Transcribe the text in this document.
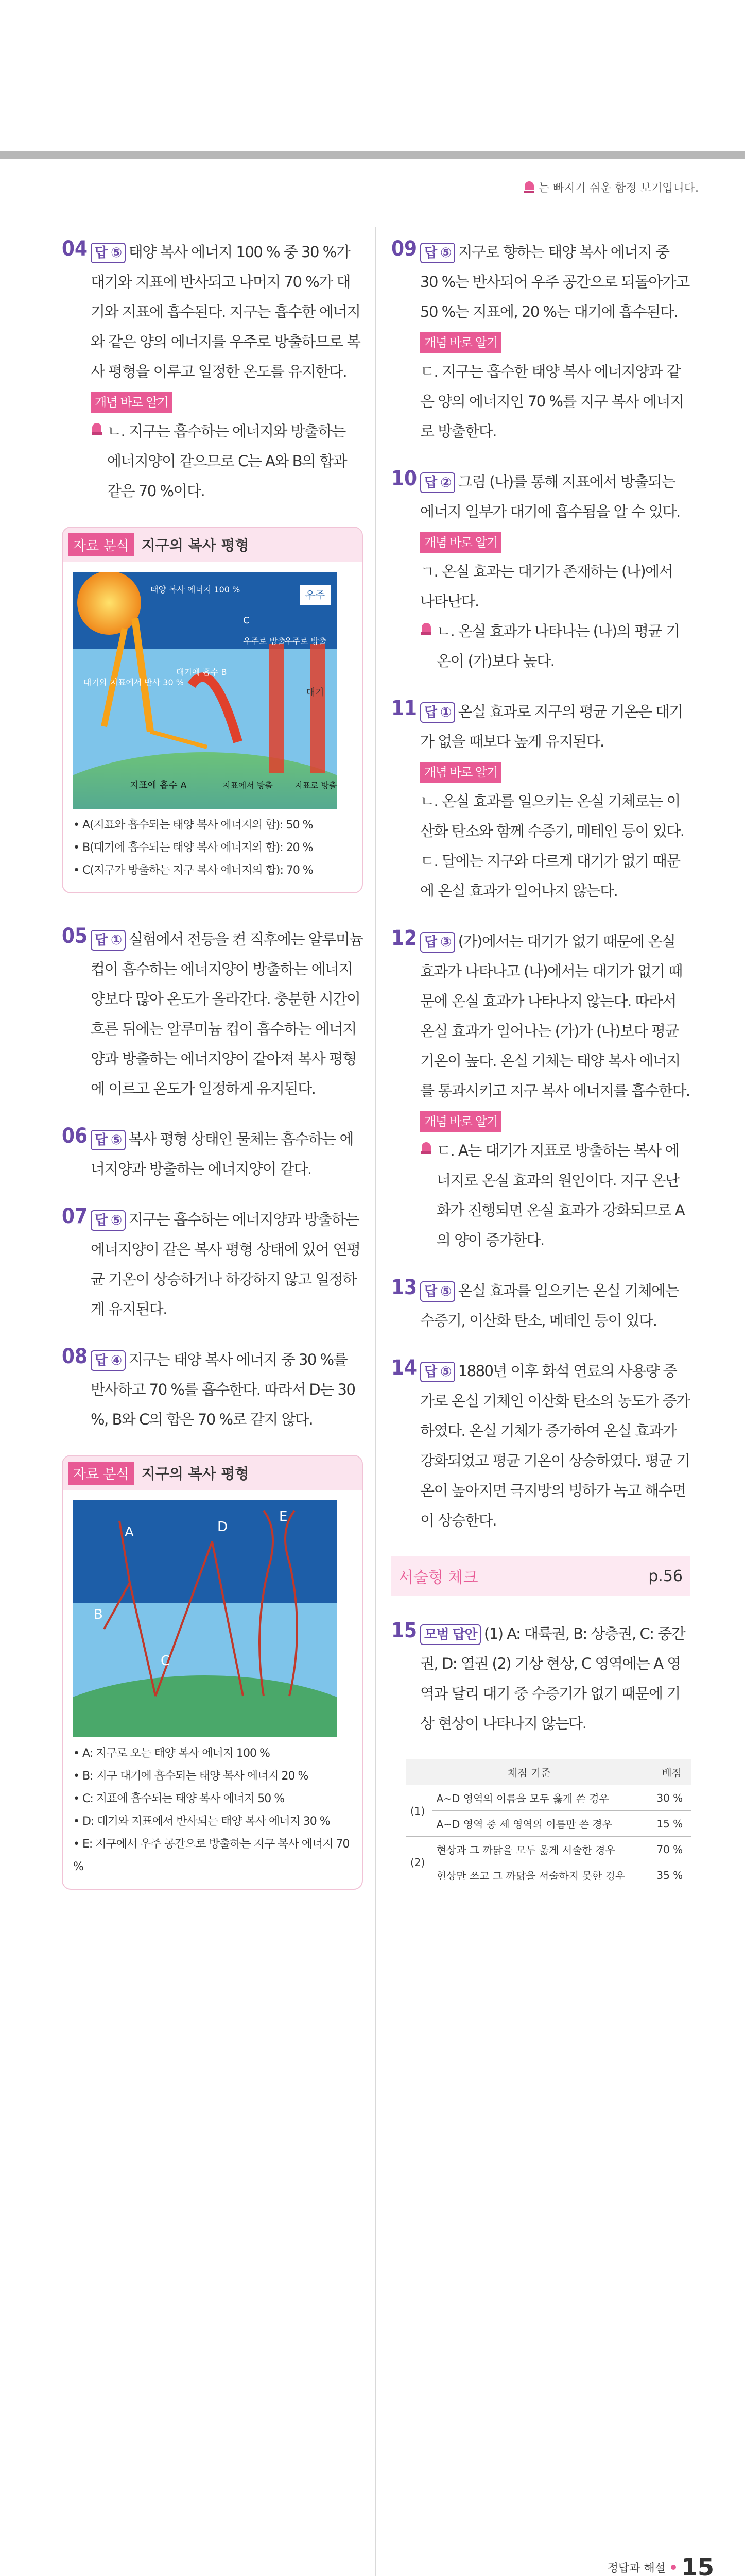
는 빠지기 쉬운 함정 보기입니다.
04 답 ⑤ 태양 복사 에너지 100 % 중 30 %가 대기와 지표에 반사되고 나머지 70 %가 대기와 지표에 흡수된다. 지구는 흡수한 에너지와 같은 양의 에너지를 우주로 방출하므로 복사 평형을 이루고 일정한 온도를 유지한다.
개념 바로 알기
ㄴ. 지구는 흡수하는 에너지와 방출하는 에너지양이 같으므로 C는 A와 B의 합과 같은 70 %이다.
자료 분석 지구의 복사 평형
우주
대기
태양 복사 에너지 100 %
대기와 지표에서 반사 30 %
지표에 흡수 A
대기에 흡수 B
C
우주로 방출
우주로 방출
지표에서 방출	지표로 방출
• A(지표와 흡수되는 태양 복사 에너지의 합): 50 %
• B(대기에 흡수되는 태양 복사 에너지의 합): 20 %
• C(지구가 방출하는 지구 복사 에너지의 합): 70 %
05 답 ① 실험에서 전등을 켠 직후에는 알루미늄 컵이 흡수하는 에너지양이 방출하는 에너지양보다 많아 온도가 올라간다. 충분한 시간이 흐른 뒤에는 알루미늄 컵이 흡수하는 에너지양과 방출하는 에너지양이 같아져 복사 평형에 이르고 온도가 일정하게 유지된다.
06 답 ⑤ 복사 평형 상태인 물체는 흡수하는 에너지양과 방출하는 에너지양이 같다.
07 답 ⑤ 지구는 흡수하는 에너지양과 방출하는 에너지양이 같은 복사 평형 상태에 있어 연평균 기온이 상승하거나 하강하지 않고 일정하게 유지된다.
08 답 ④ 지구는 태양 복사 에너지 중 30 %를 반사하고 70 %를 흡수한다. 따라서 D는 30 %, B와 C의 합은 70 %로 같지 않다.
자료 분석 지구의 복사 평형
A
B
C
D
E
• A: 지구로 오는 태양 복사 에너지 100 %
• B: 지구 대기에 흡수되는 태양 복사 에너지 20 %
• C: 지표에 흡수되는 태양 복사 에너지 50 %
• D: 대기와 지표에서 반사되는 태양 복사 에너지 30 %
• E: 지구에서 우주 공간으로 방출하는 지구 복사 에너지 70 %
09 답 ⑤ 지구로 향하는 태양 복사 에너지 중 30 %는 반사되어 우주 공간으로 되돌아가고 50 %는 지표에, 20 %는 대기에 흡수된다.
개념 바로 알기
ㄷ. 지구는 흡수한 태양 복사 에너지양과 같은 양의 에너지인 70 %를 지구 복사 에너지로 방출한다.
10 답 ② 그림 (나)를 통해 지표에서 방출되는 에너지 일부가 대기에 흡수됨을 알 수 있다.
개념 바로 알기
ㄱ. 온실 효과는 대기가 존재하는 (나)에서 나타난다.
ㄴ. 온실 효과가 나타나는 (나)의 평균 기온이 (가)보다 높다.
11 답 ① 온실 효과로 지구의 평균 기온은 대기가 없을 때보다 높게 유지된다.
개념 바로 알기
ㄴ. 온실 효과를 일으키는 온실 기체로는 이산화 탄소와 함께 수증기, 메테인 등이 있다.
ㄷ. 달에는 지구와 다르게 대기가 없기 때문에 온실 효과가 일어나지 않는다.
12 답 ③ (가)에서는 대기가 없기 때문에 온실 효과가 나타나고 (나)에서는 대기가 없기 때문에 온실 효과가 나타나지 않는다. 따라서 온실 효과가 일어나는 (가)가 (나)보다 평균 기온이 높다. 온실 기체는 태양 복사 에너지를 통과시키고 지구 복사 에너지를 흡수한다.
개념 바로 알기
ㄷ. A는 대기가 지표로 방출하는 복사 에너지로 온실 효과의 원인이다. 지구 온난화가 진행되면 온실 효과가 강화되므로 A의 양이 증가한다.
13 답 ⑤ 온실 효과를 일으키는 온실 기체에는 수증기, 이산화 탄소, 메테인 등이 있다.
14 답 ⑤ 1880년 이후 화석 연료의 사용량 증가로 온실 기체인 이산화 탄소의 농도가 증가하였다. 온실 기체가 증가하여 온실 효과가 강화되었고 평균 기온이 상승하였다. 평균 기온이 높아지면 극지방의 빙하가 녹고 해수면이 상승한다.
서술형 체크	p.56
15 모범 답안 (1) A: 대륙권, B: 상층권, C: 중간권, D: 열권 (2) 기상 현상, C 영역에는 A 영역과 달리 대기 중 수증기가 없기 때문에 기상 현상이 나타나지 않는다.
채점 기준		배점
(1)	A~D 영역의 이름을 모두 옳게 쓴 경우	30 %
	A~D 영역 중 세 영역의 이름만 쓴 경우	15 %
(2)	현상과 그 까닭을 모두 옳게 서술한 경우	70 %
	현상만 쓰고 그 까닭을 서술하지 못한 경우	35 %
정답과 해설 15
